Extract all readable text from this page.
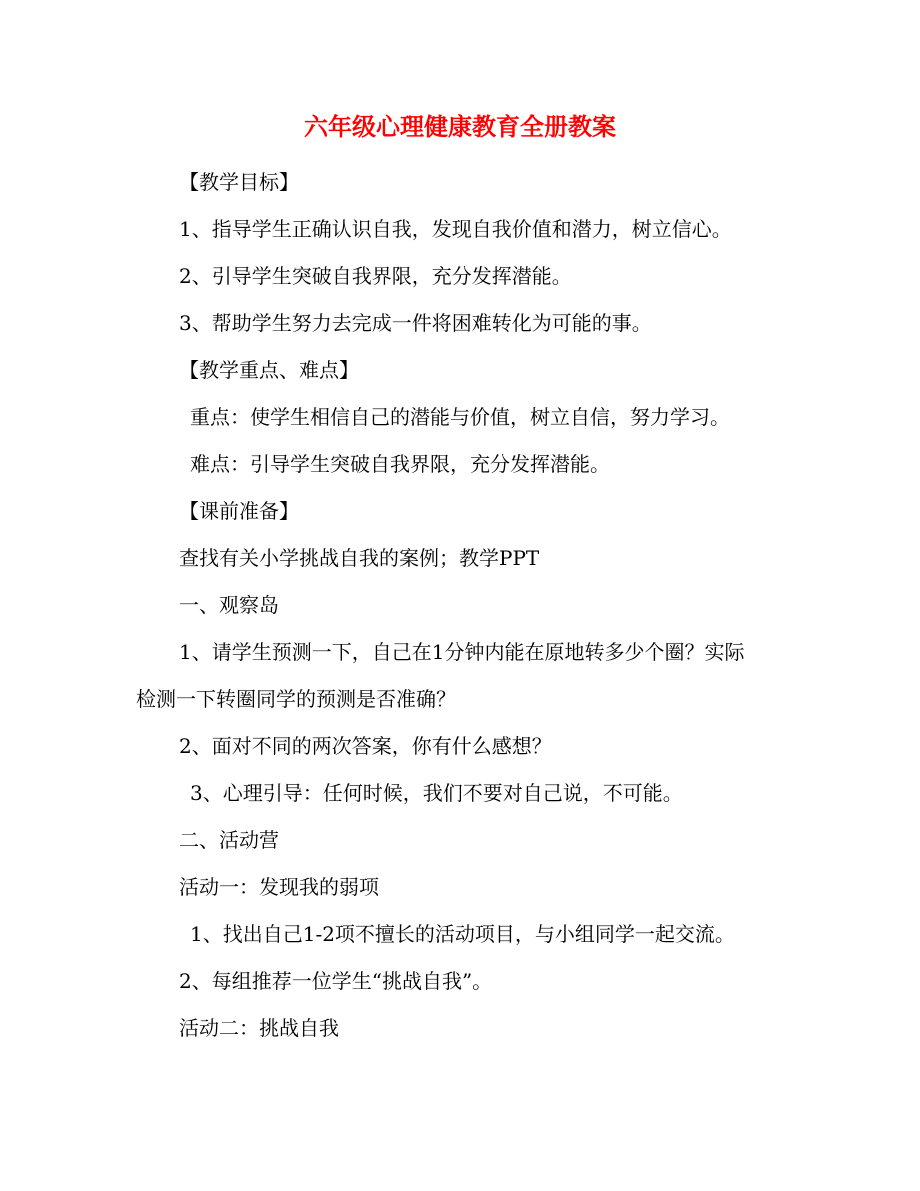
六年级心理健康教育全册教案
【教学目标】
1、指导学生正确认识自我，发现自我价值和潜力，树立信心。
2、引导学生突破自我界限，充分发挥潜能。
3、帮助学生努力去完成一件将困难转化为可能的事。
【教学重点、难点】
重点：使学生相信自己的潜能与价值，树立自信，努力学习。
难点：引导学生突破自我界限，充分发挥潜能。
【课前准备】
查找有关小学挑战自我的案例；教学PPT
一、观察岛
1、请学生预测一下，自己在1分钟内能在原地转多少个圈？实际
检测一下转圈同学的预测是否准确？
2、面对不同的两次答案，你有什么感想？
3、心理引导：任何时候，我们不要对自己说，不可能。
二、活动营
活动一：发现我的弱项
1、找出自己1-2项不擅长的活动项目，与小组同学一起交流。
2、每组推荐一位学生“挑战自我”。
活动二：挑战自我
